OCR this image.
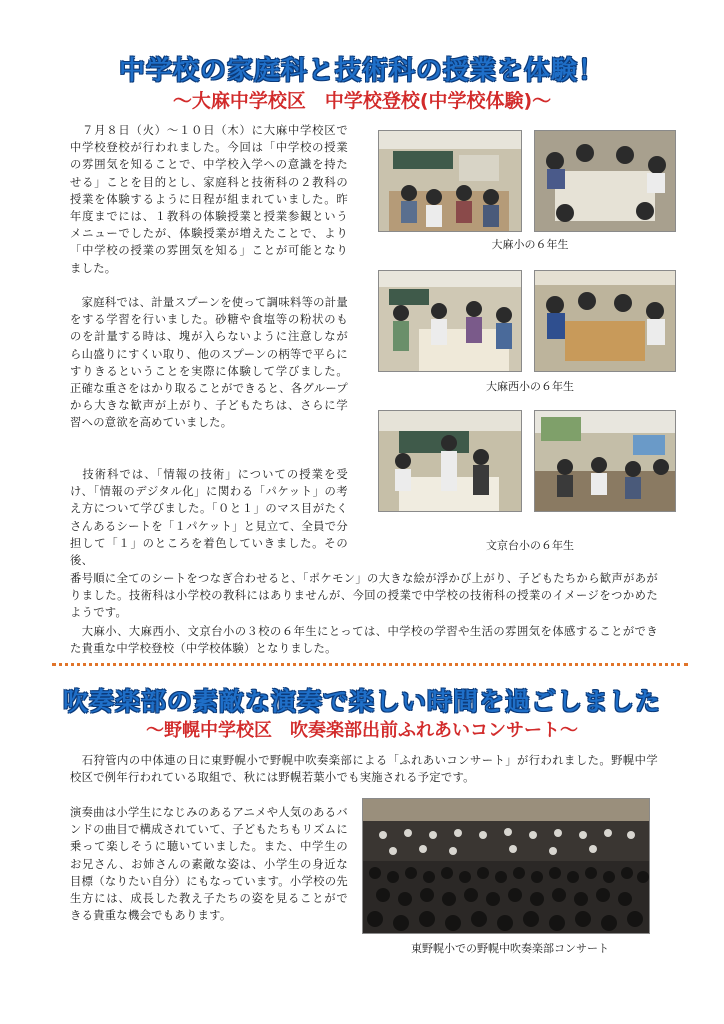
中学校の家庭科と技術科の授業を体験！
～大麻中学校区　中学校登校(中学校体験)～

　７月８日（火）～１０日（木）に大麻中学校区で中学校登校が行われました。今回は「中学校の授業の雰囲気を知ることで、中学校入学への意識を持たせる」ことを目的とし、家庭科と技術科の２教科の授業を体験するように日程が組まれていました。昨年度までには、１教科の体験授業と授業参観というメニューでしたが、体験授業が増えたことで、より「中学校の授業の雰囲気を知る」ことが可能となりました。

　家庭科では、計量スプーンを使って調味料等の計量をする学習を行いました。砂糖や食塩等の粉状のものを計量する時は、塊が入らないように注意しながら山盛りにすくい取り、他のスプーンの柄等で平らにすりきるということを実際に体験して学びました。正確な重さをはかり取ることができると、各グループから大きな歓声が上がり、子どもたちは、さらに学習への意欲を高めていました。

　技術科では、「情報の技術」についての授業を受け、「情報のデジタル化」に関わる「パケット」の考え方について学びました。「０と１」のマス目がたくさんあるシートを「１パケット」と見立て、全員で分担して「１」のところを着色していきました。その後、

番号順に全てのシートをつなぎ合わせると、「ポケモン」の大きな絵が浮かび上がり、子どもたちから歓声があがりました。技術科は小学校の教科にはありませんが、今回の授業で中学校の技術科の授業のイメージをつかめたようです。

　大麻小、大麻西小、文京台小の３校の６年生にとっては、中学校の学習や生活の雰囲気を体感することができた貴重な中学校登校（中学校体験）となりました。

大麻小の６年生
大麻西小の６年生
文京台小の６年生
吹奏楽部の素敵な演奏で楽しい時間を過ごしました
～野幌中学校区　吹奏楽部出前ふれあいコンサート～

　石狩管内の中体連の日に東野幌小で野幌中吹奏楽部による「ふれあいコンサート」が行われました。野幌中学校区で例年行われている取組で、秋には野幌若葉小でも実施される予定です。

演奏曲は小学生になじみのあるアニメや人気のあるバンドの曲目で構成されていて、子どもたちもリズムに乗って楽しそうに聴いていました。また、中学生のお兄さん、お姉さんの素敵な姿は、小学生の身近な目標（なりたい自分）にもなっています。小学校の先生方には、成長した教え子たちの姿を見ることができる貴重な機会でもあります。

東野幌小での野幌中吹奏楽部コンサート
